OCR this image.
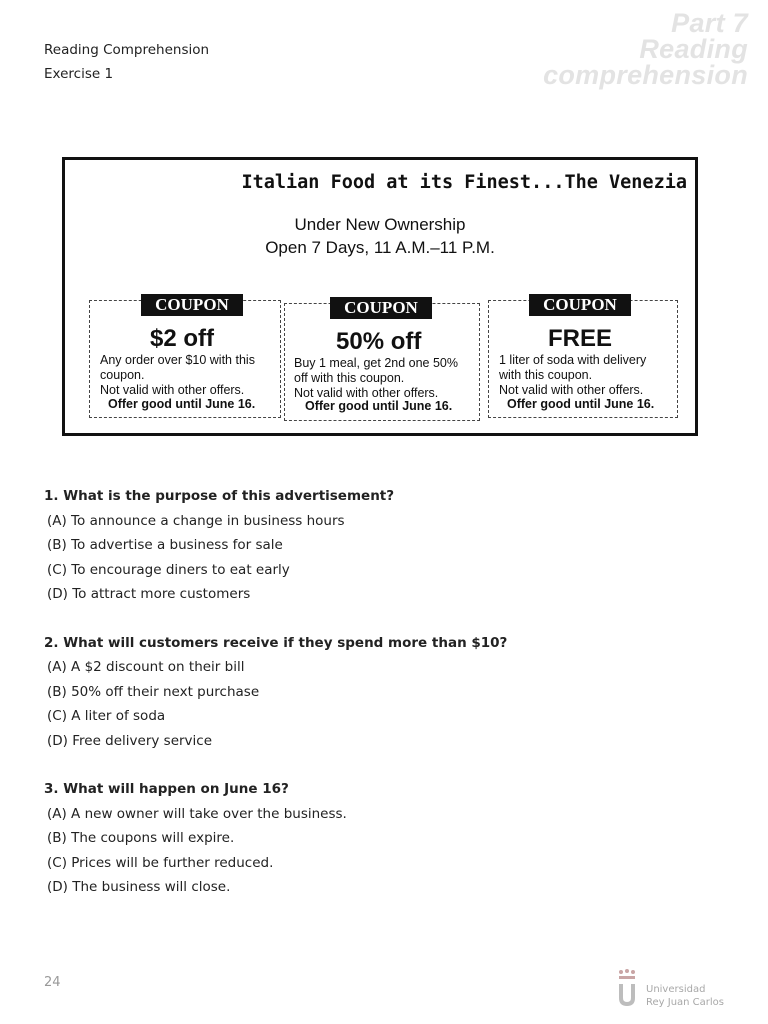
Reading Comprehension
Exercise 1
Part 7
Reading
comprehension
Italian Food at its Finest...The Venezia
Under New Ownership
Open 7 Days, 11 A.M.–11 P.M.
COUPON
$2 off
Any order over $10 with this
coupon.
Not valid with other offers.
Offer good until June 16.
COUPON
50% off
Buy 1 meal, get 2nd one 50%
off with this coupon.
Not valid with other offers.
Offer good until June 16.
COUPON
FREE
1 liter of soda with delivery
with this coupon.
Not valid with other offers.
Offer good until June 16.
1. What is the purpose of this advertisement?
(A) To announce a change in business hours
(B) To advertise a business for sale
(C) To encourage diners to eat early
(D) To attract more customers
2. What will customers receive if they spend more than $10?
(A) A $2 discount on their bill
(B) 50% off their next purchase
(C) A liter of soda
(D) Free delivery service
3. What will happen on June 16?
(A) A new owner will take over the business.
(B) The coupons will expire.
(C) Prices will be further reduced.
(D) The business will close.
24	Universidad
Rey Juan Carlos
